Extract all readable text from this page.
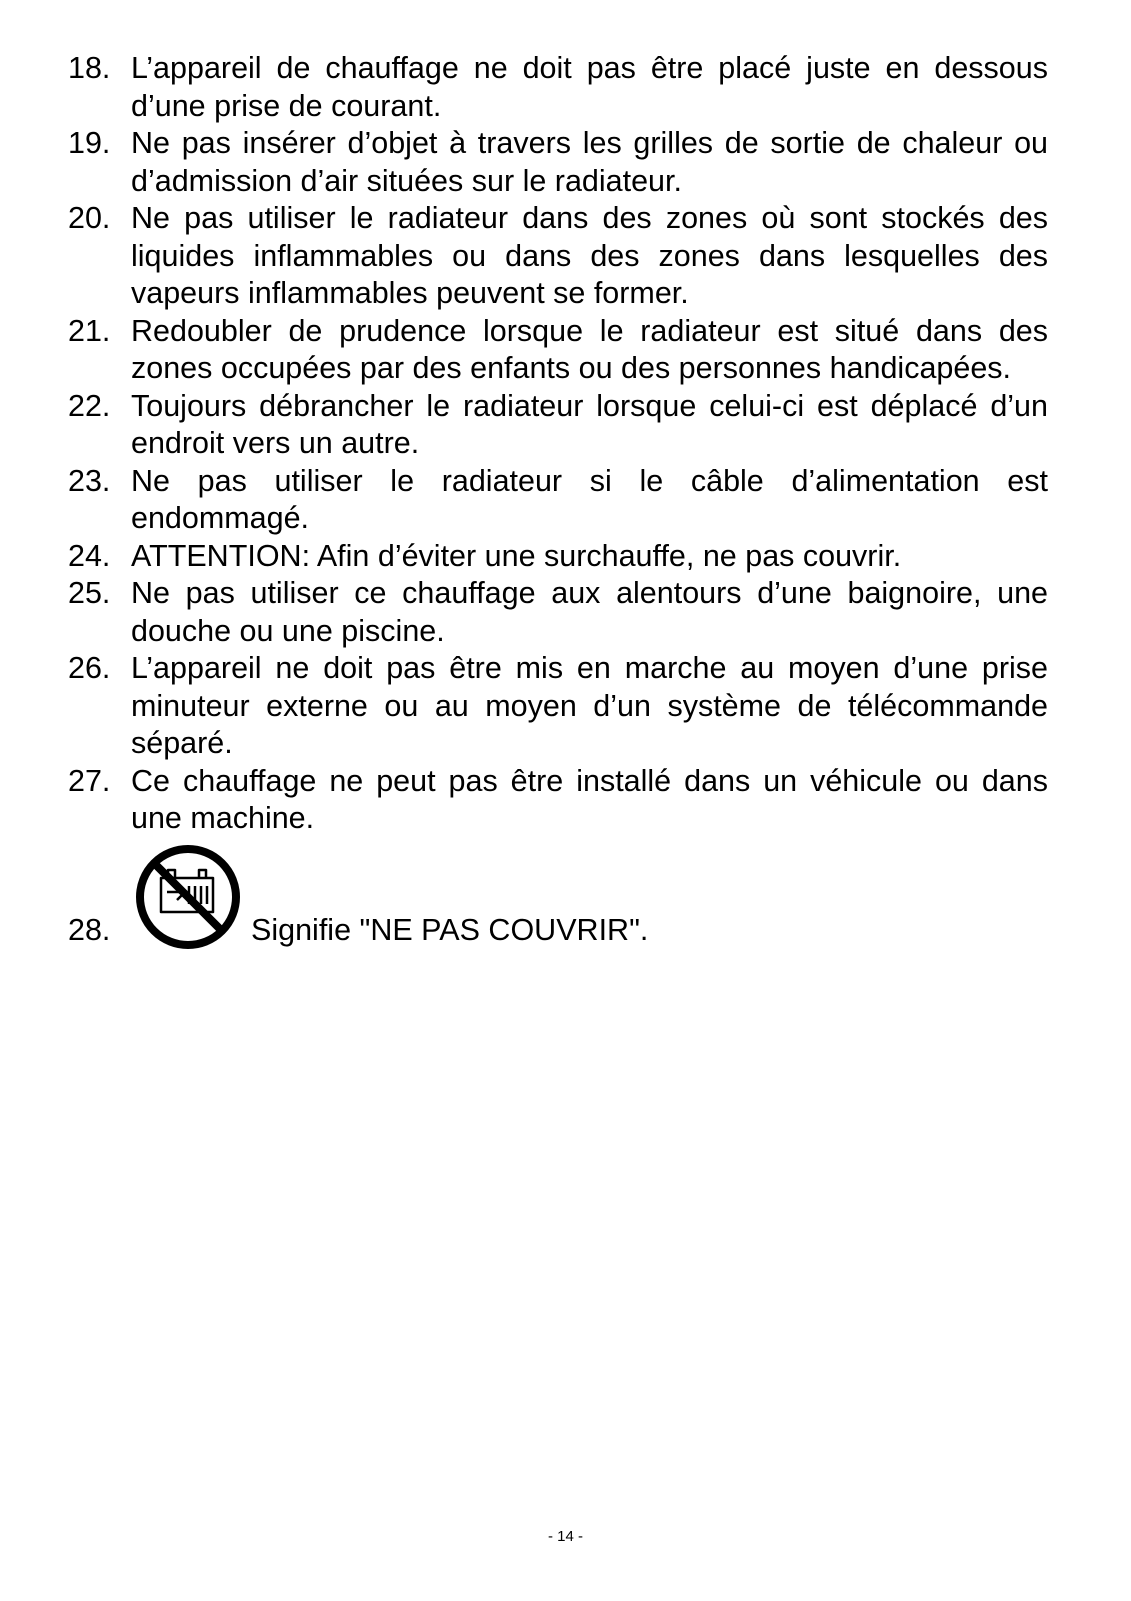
18. L’appareil de chauffage ne doit pas être placé juste en dessous d’une prise de courant.
19. Ne pas insérer d’objet à travers les grilles de sortie de chaleur ou d’admission d’air situées sur le radiateur.
20. Ne pas utiliser le radiateur dans des zones où sont stockés des liquides inflammables ou dans des zones dans lesquelles des vapeurs inflammables peuvent se former.
21. Redoubler de prudence lorsque le radiateur est situé dans des zones occupées par des enfants ou des personnes handicapées.
22. Toujours débrancher le radiateur lorsque celui-ci est déplacé d’un endroit vers un autre.
23. Ne pas utiliser le radiateur si le câble d’alimentation est endommagé.
24. ATTENTION: Afin d’éviter une surchauffe, ne pas couvrir.
25. Ne pas utiliser ce chauffage aux alentours d’une baignoire, une douche ou une piscine.
26. L’appareil ne doit pas être mis en marche au moyen d’une prise minuteur externe ou au moyen d’un système de télécommande séparé.
27. Ce chauffage ne peut pas être installé dans un véhicule ou dans une machine.
28.	Signifie "NE PAS COUVRIR".
- 14 -
